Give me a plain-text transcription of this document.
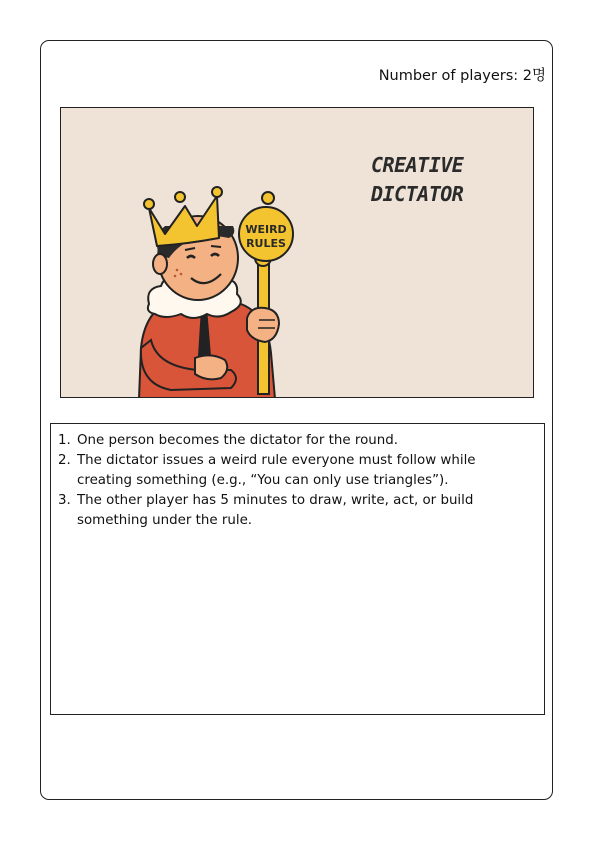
Number of players: 2명
CREATIVE
DICTATOR
WEIRD
RULES
1. One person becomes the dictator for the round.
2. The dictator issues a weird rule everyone must follow while creating something (e.g., “You can only use triangles”).
3. The other player has 5 minutes to draw, write, act, or build something under the rule.
